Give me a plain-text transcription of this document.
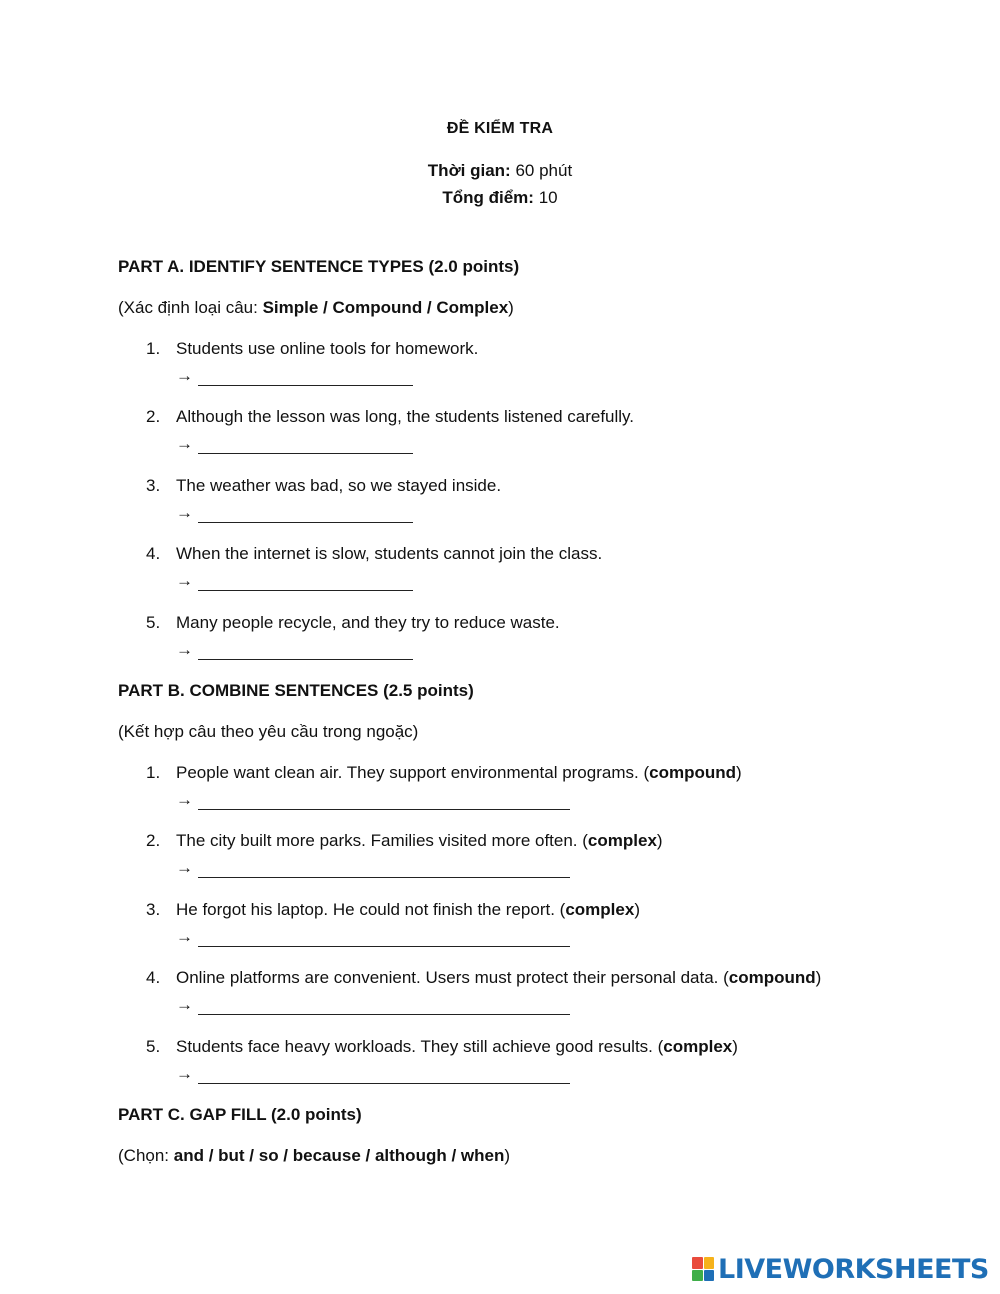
ĐỀ KIỂM TRA
Thời gian: 60 phút
Tổng điểm: 10
PART A. IDENTIFY SENTENCE TYPES (2.0 points)
(Xác định loại câu: Simple / Compound / Complex)
1. Students use online tools for homework.
→
2. Although the lesson was long, the students listened carefully.
→
3. The weather was bad, so we stayed inside.
→
4. When the internet is slow, students cannot join the class.
→
5. Many people recycle, and they try to reduce waste.
→
PART B. COMBINE SENTENCES (2.5 points)
(Kết hợp câu theo yêu cầu trong ngoặc)
1. People want clean air. They support environmental programs. (compound)
→
2. The city built more parks. Families visited more often. (complex)
→
3. He forgot his laptop. He could not finish the report. (complex)
→
4. Online platforms are convenient. Users must protect their personal data. (compound)
→
5. Students face heavy workloads. They still achieve good results. (complex)
→
PART C. GAP FILL (2.0 points)
(Chọn: and / but / so / because / although / when)
LIVEWORKSHEETS
